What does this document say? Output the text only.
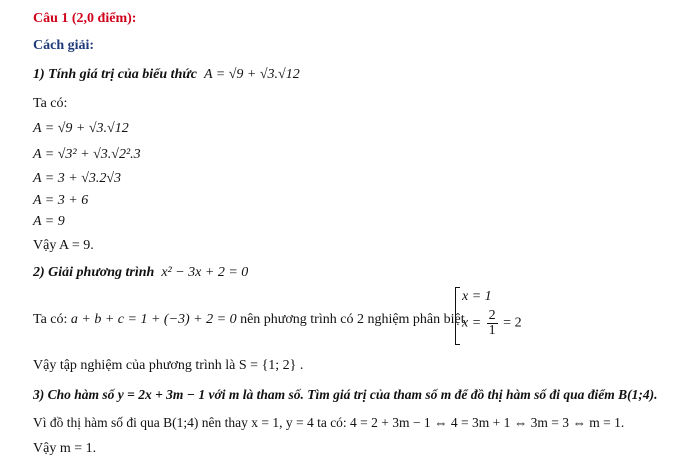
Câu 1 (2,0 điểm):
Cách giải:
1) Tính giá trị của biểu thức A = √9 + √3.√12
Ta có:
A = √9 + √3.√12
A = √3² + √3.√2².3
A = 3 + √3.2√3
A = 3 + 6
A = 9
Vậy A = 9.
2) Giải phương trình x² − 3x + 2 = 0
Ta có: a + b + c = 1 + (−3) + 2 = 0 nên phương trình có 2 nghiệm phân biệt
x = 1
$x = \frac{2}{1} = 2$
Vậy tập nghiệm của phương trình là S = {1; 2} .
3) Cho hàm số y = 2x + 3m − 1 với m là tham số. Tìm giá trị của tham số m để đồ thị hàm số đi qua điểm B(1;4).
Vì đồ thị hàm số đi qua B(1;4) nên thay x = 1, y = 4 ta có: 4 = 2 + 3m − 1 ⇔ 4 = 3m + 1 ⇔ 3m = 3 ⇔ m = 1.
Vậy m = 1.
